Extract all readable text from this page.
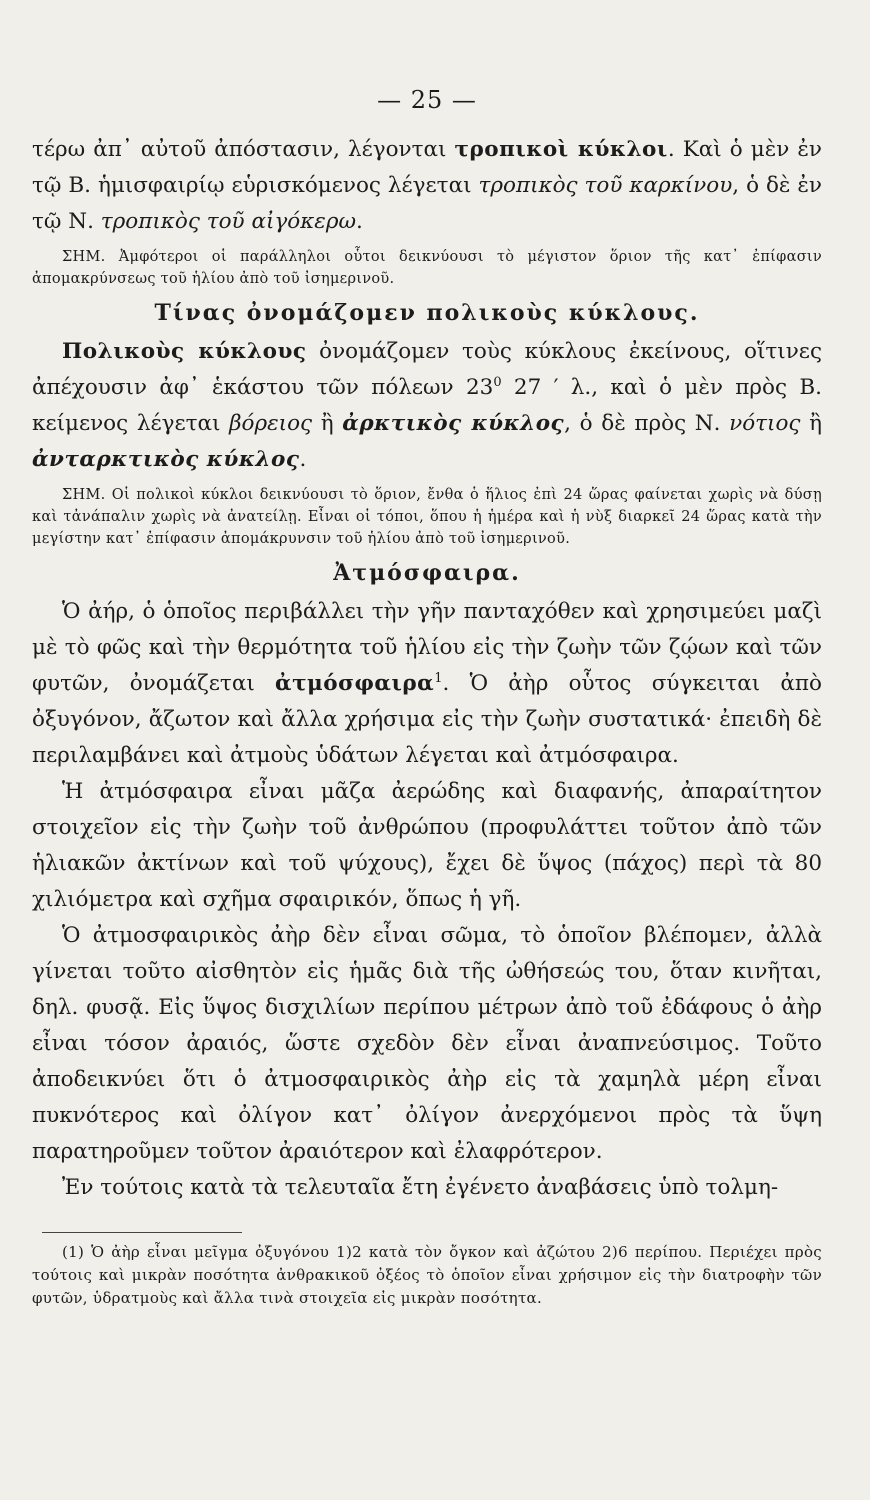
— 25 —

τέρω ἀπ᾽ αὐτοῦ ἀπόστασιν, λέγονται τροπικοὶ κύκλοι. Καὶ ὁ μὲν ἐν τῷ Β. ἡμισφαιρίῳ εὑρισκόμενος λέγεται τροπικὸς τοῦ καρκίνου, ὁ δὲ ἐν τῷ Ν. τροπικὸς τοῦ αἰγόκερω.

ΣΗΜ. Ἀμφότεροι οἱ παράλληλοι οὗτοι δεικνύουσι τὸ μέγιστον ὅριον τῆς κατ᾽ ἐπίφασιν ἀπομακρύνσεως τοῦ ἡλίου ἀπὸ τοῦ ἰσημερινοῦ.

Τίνας ὀνομάζομεν πολικοὺς κύκλους.

Πολικοὺς κύκλους ὀνομάζομεν τοὺς κύκλους ἐκείνους, οἵτινες ἀπέχουσιν ἀφ᾽ ἑκάστου τῶν πόλεων $23^0$ 27 ′ λ., καὶ ὁ μὲν πρὸς Β. κείμενος λέγεται βόρειος ἢ ἀρκτικὸς κύκλος, ὁ δὲ πρὸς Ν. νότιος ἢ ἀνταρκτικὸς κύκλος.

ΣΗΜ. Οἱ πολικοὶ κύκλοι δεικνύουσι τὸ ὅριον, ἔνθα ὁ ἥλιος ἐπὶ 24 ὥρας φαίνεται χωρὶς νὰ δύσῃ καὶ τἀνάπαλιν χωρὶς νὰ ἀνατείλῃ. Εἶναι οἱ τόποι, ὅπου ἡ ἡμέρα καὶ ἡ νὺξ διαρκεῖ 24 ὥρας κατὰ τὴν μεγίστην κατ᾽ ἐπίφασιν ἀπομάκρυνσιν τοῦ ἡλίου ἀπὸ τοῦ ἰσημερινοῦ.

Ἀτμόσφαιρα.

Ὁ ἀήρ, ὁ ὁποῖος περιβάλλει τὴν γῆν πανταχόθεν καὶ χρησιμεύει μαζὶ μὲ τὸ φῶς καὶ τὴν θερμότητα τοῦ ἡλίου εἰς τὴν ζωὴν τῶν ζῴων καὶ τῶν φυτῶν, ὀνομάζεται ἀτμόσφαιρα$^1$. Ὁ ἀὴρ οὗτος σύγκειται ἀπὸ ὀξυγόνον, ἄζωτον καὶ ἄλλα χρήσιμα εἰς τὴν ζωὴν συστατικά· ἐπειδὴ δὲ περιλαμβάνει καὶ ἀτμοὺς ὑδάτων λέγεται καὶ ἀτμόσφαιρα.

Ἡ ἀτμόσφαιρα εἶναι μᾶζα ἀερώδης καὶ διαφανής, ἀπαραίτητον στοιχεῖον εἰς τὴν ζωὴν τοῦ ἀνθρώπου (προφυλάττει τοῦτον ἀπὸ τῶν ἡλιακῶν ἀκτίνων καὶ τοῦ ψύχους), ἔχει δὲ ὕψος (πάχος) περὶ τὰ 80 χιλιόμετρα καὶ σχῆμα σφαιρικόν, ὅπως ἡ γῆ.

Ὁ ἀτμοσφαιρικὸς ἀὴρ δὲν εἶναι σῶμα, τὸ ὁποῖον βλέπομεν, ἀλλὰ γίνεται τοῦτο αἰσθητὸν εἰς ἡμᾶς διὰ τῆς ὠθήσεώς του, ὅταν κινῆται, δηλ. φυσᾷ. Εἰς ὕψος δισχιλίων περίπου μέτρων ἀπὸ τοῦ ἐδάφους ὁ ἀὴρ εἶναι τόσον ἀραιός, ὥστε σχεδὸν δὲν εἶναι ἀναπνεύσιμος. Τοῦτο ἀποδεικνύει ὅτι ὁ ἀτμοσφαιρικὸς ἀὴρ εἰς τὰ χαμηλὰ μέρη εἶναι πυκνότερος καὶ ὀλίγον κατ᾽ ὀλίγον ἀνερχόμενοι πρὸς τὰ ὕψη παρατηροῦμεν τοῦτον ἀραιότερον καὶ ἐλαφρότερον.

Ἐν τούτοις κατὰ τὰ τελευταῖα ἔτη ἐγένετο ἀναβάσεις ὑπὸ τολμη-

(1) Ὁ ἀὴρ εἶναι μεῖγμα ὀξυγόνου 1)2 κατὰ τὸν ὄγκον καὶ ἀζώτου 2)6 περίπου. Περιέχει πρὸς τούτοις καὶ μικρὰν ποσότητα ἀνθρακικοῦ ὀξέος τὸ ὁποῖον εἶναι χρήσιμον εἰς τὴν διατροφὴν τῶν φυτῶν, ὑδρατμοὺς καὶ ἄλλα τινὰ στοιχεῖα εἰς μικρὰν ποσότητα.
